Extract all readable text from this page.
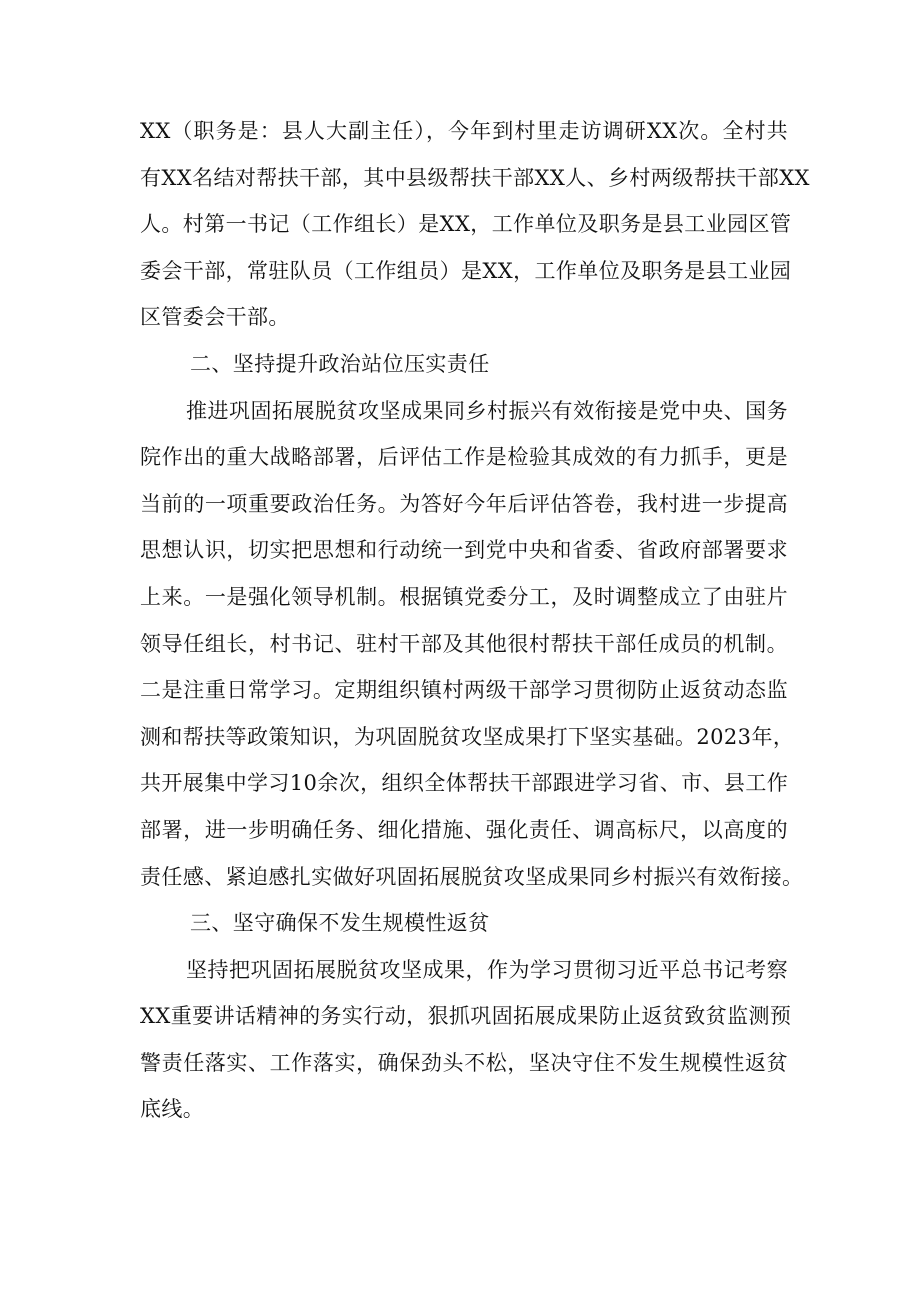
XX（职务是：县人大副主任），今年到村里走访调研XX次。全村共
有XX名结对帮扶干部，其中县级帮扶干部XX人、乡村两级帮扶干部XX
人。村第一书记（工作组长）是XX，工作单位及职务是县工业园区管
委会干部，常驻队员（工作组员）是XX，工作单位及职务是县工业园
区管委会干部。
二、坚持提升政治站位压实责任
推进巩固拓展脱贫攻坚成果同乡村振兴有效衔接是党中央、国务
院作出的重大战略部署，后评估工作是检验其成效的有力抓手，更是
当前的一项重要政治任务。为答好今年后评估答卷，我村进一步提高
思想认识，切实把思想和行动统一到党中央和省委、省政府部署要求
上来。一是强化领导机制。根据镇党委分工，及时调整成立了由驻片
领导任组长，村书记、驻村干部及其他很村帮扶干部任成员的机制。
二是注重日常学习。定期组织镇村两级干部学习贯彻防止返贫动态监
测和帮扶等政策知识，为巩固脱贫攻坚成果打下坚实基础。2023年，
共开展集中学习10余次，组织全体帮扶干部跟进学习省、市、县工作
部署，进一步明确任务、细化措施、强化责任、调高标尺，以高度的
责任感、紧迫感扎实做好巩固拓展脱贫攻坚成果同乡村振兴有效衔接。
三、坚守确保不发生规模性返贫
坚持把巩固拓展脱贫攻坚成果，作为学习贯彻习近平总书记考察
XX重要讲话精神的务实行动，狠抓巩固拓展成果防止返贫致贫监测预
警责任落实、工作落实，确保劲头不松，坚决守住不发生规模性返贫
底线。
